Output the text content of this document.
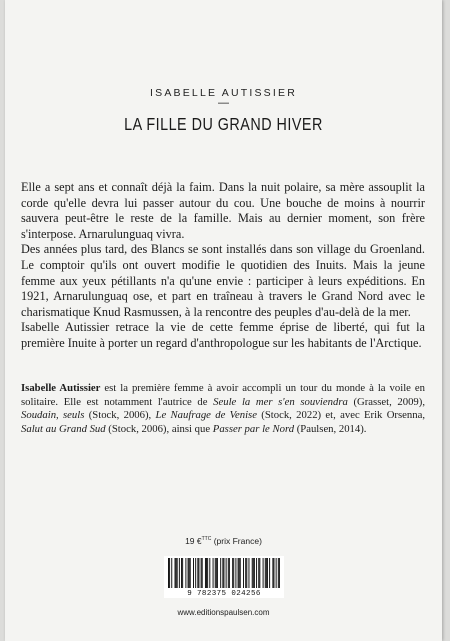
ISABELLE AUTISSIER
—
LA FILLE DU GRAND HIVER

Elle a sept ans et connaît déjà la faim. Dans la nuit polaire, sa mère assouplit la corde qu'elle devra lui passer autour du cou. Une bouche de moins à nourrir sauvera peut-être le reste de la famille. Mais au dernier moment, son frère s'interpose. Arnarulunguaq vivra.

Des années plus tard, des Blancs se sont installés dans son village du Groenland. Le comptoir qu'ils ont ouvert modifie le quotidien des Inuits. Mais la jeune femme aux yeux pétillants n'a qu'une envie : participer à leurs expéditions. En 1921, Arnarulunguaq ose, et part en traîneau à travers le Grand Nord avec le charismatique Knud Rasmussen, à la rencontre des peuples d'au-delà de la mer.

Isabelle Autissier retrace la vie de cette femme éprise de liberté, qui fut la première Inuite à porter un regard d'anthropologue sur les habitants de l'Arctique.

Isabelle Autissier est la première femme à avoir accompli un tour du monde à la voile en solitaire. Elle est notamment l'autrice de Seule la mer s'en souviendra (Grasset, 2009), Soudain, seuls (Stock, 2006), Le Naufrage de Venise (Stock, 2022) et, avec Erik Orsenna, Salut au Grand Sud (Stock, 2006), ainsi que Passer par le Nord (Paulsen, 2014).
19 €$^{TTC}$ (prix France)
9 782375 024256
www.editionspaulsen.com
